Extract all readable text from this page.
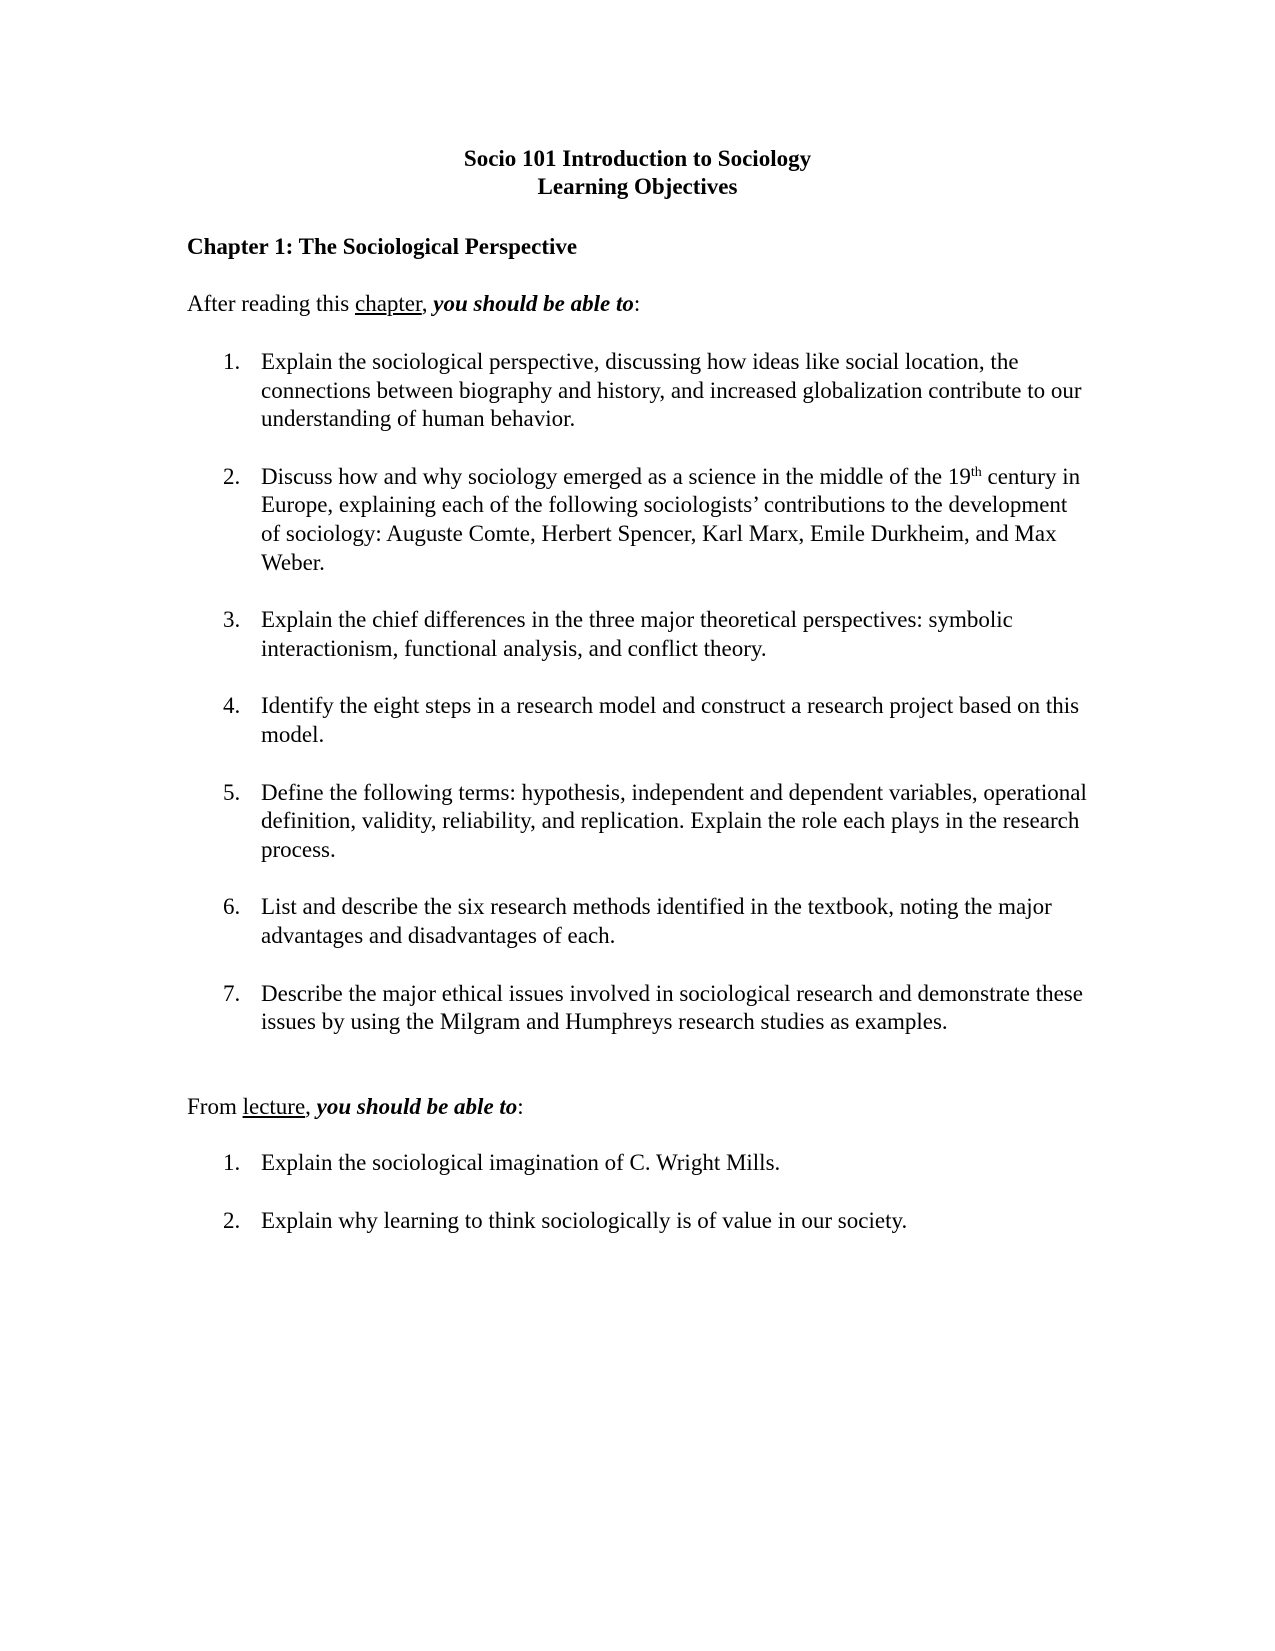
Socio 101 Introduction to Sociology
Learning Objectives
Chapter 1: The Sociological Perspective
After reading this chapter, you should be able to:
1. Explain the sociological perspective, discussing how ideas like social location, the connections between biography and history, and increased globalization contribute to our understanding of human behavior.
2. Discuss how and why sociology emerged as a science in the middle of the 19th century in Europe, explaining each of the following sociologists’ contributions to the development of sociology: Auguste Comte, Herbert Spencer, Karl Marx, Emile Durkheim, and Max Weber.
3. Explain the chief differences in the three major theoretical perspectives: symbolic interactionism, functional analysis, and conflict theory.
4. Identify the eight steps in a research model and construct a research project based on this model.
5. Define the following terms: hypothesis, independent and dependent variables, operational definition, validity, reliability, and replication. Explain the role each plays in the research process.
6. List and describe the six research methods identified in the textbook, noting the major advantages and disadvantages of each.
7. Describe the major ethical issues involved in sociological research and demonstrate these issues by using the Milgram and Humphreys research studies as examples.
From lecture, you should be able to:
1. Explain the sociological imagination of C. Wright Mills.
2. Explain why learning to think sociologically is of value in our society.
